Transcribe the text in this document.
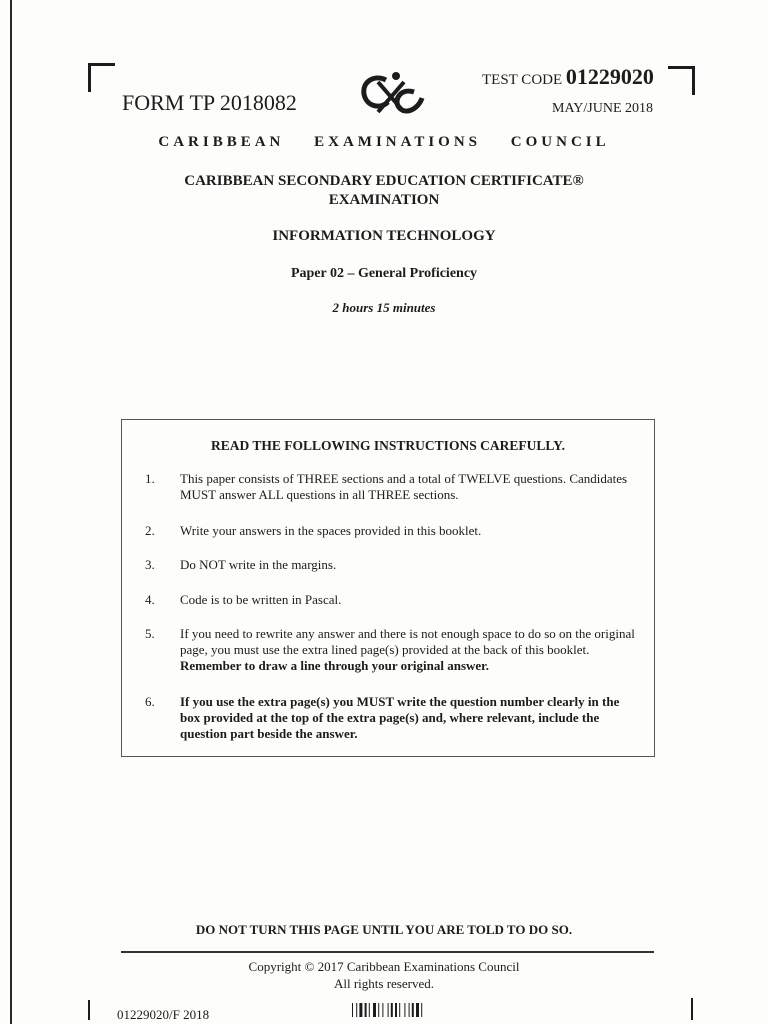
FORM TP 2018082
TEST CODE 01229020
MAY/JUNE 2018
CARIBBEAN EXAMINATIONS COUNCIL
CARIBBEAN SECONDARY EDUCATION CERTIFICATE®
EXAMINATION
INFORMATION TECHNOLOGY
Paper 02 – General Proficiency
2 hours 15 minutes
READ THE FOLLOWING INSTRUCTIONS CAREFULLY.
1.	This paper consists of THREE sections and a total of TWELVE questions. Candidates MUST answer ALL questions in all THREE sections.
2.	Write your answers in the spaces provided in this booklet.
3.	Do NOT write in the margins.
4.	Code is to be written in Pascal.
5.	If you need to rewrite any answer and there is not enough space to do so on the original page, you must use the extra lined page(s) provided at the back of this booklet. Remember to draw a line through your original answer.
6.	If you use the extra page(s) you MUST write the question number clearly in the box provided at the top of the extra page(s) and, where relevant, include the question part beside the answer.
DO NOT TURN THIS PAGE UNTIL YOU ARE TOLD TO DO SO.
Copyright © 2017 Caribbean Examinations Council
All rights reserved.
01229020/F 2018
